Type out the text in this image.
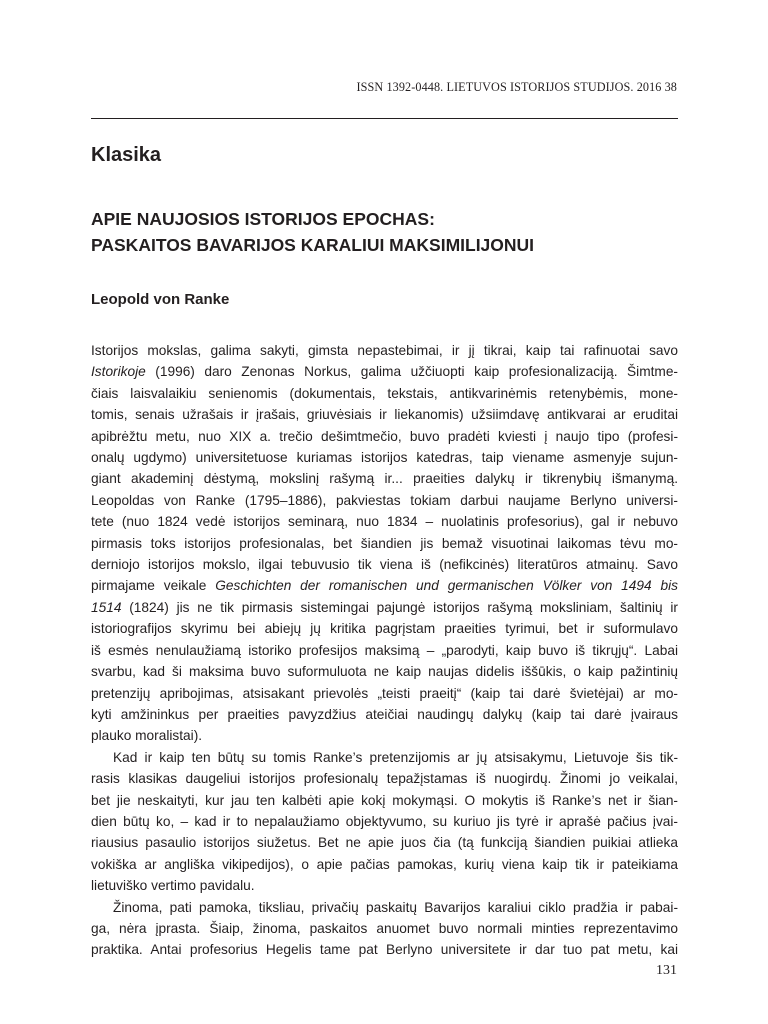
ISSN 1392-0448. LIETUVOS ISTORIJOS STUDIJOS. 2016 38
Klasika
APIE NAUJOSIOS ISTORIJOS EPOCHAS:
PASKAITOS BAVARIJOS KARALIUI MAKSIMILIJONUI
Leopold von Ranke
Istorijos mokslas, galima sakyti, gimsta nepastebimai, ir jį tikrai, kaip tai rafinuotai savo
Istorikoje (1996) daro Zenonas Norkus, galima užčiuopti kaip profesionalizaciją. Šimtme-
čiais laisvalaikiu senienomis (dokumentais, tekstais, antikvarinėmis retenybėmis, mone-
tomis, senais užrašais ir įrašais, griuvėsiais ir liekanomis) užsiimdavę antikvarai ar eruditai
apibrėžtu metu, nuo XIX a. trečio dešimtmečio, buvo pradėti kviesti į naujo tipo (profesi-
onalų ugdymo) universitetuose kuriamas istorijos katedras, taip viename asmenyje sujun-
giant akademinį dėstymą, mokslinį rašymą ir... praeities dalykų ir tikrenybių išmanymą.
Leopoldas von Ranke (1795–1886), pakviestas tokiam darbui naujame Berlyno universi-
tete (nuo 1824 vedė istorijos seminarą, nuo 1834 – nuolatinis profesorius), gal ir nebuvo
pirmasis toks istorijos profesionalas, bet šiandien jis bemaž visuotinai laikomas tėvu mo-
derniojo istorijos mokslo, ilgai tebuvusio tik viena iš (nefikcinės) literatūros atmainų. Savo
pirmajame veikale Geschichten der romanischen und germanischen Völker von 1494 bis
1514 (1824) jis ne tik pirmasis sistemingai pajungė istorijos rašymą moksliniam, šaltinių ir
istoriografijos skyrimu bei abiejų jų kritika pagrįstam praeities tyrimui, bet ir suformulavo
iš esmės nenulaužiamą istoriko profesijos maksimą – „parodyti, kaip buvo iš tikrųjų“. Labai
svarbu, kad ši maksima buvo suformuluota ne kaip naujas didelis iššūkis, o kaip pažintinių
pretenzijų apribojimas, atsisakant prievolės „teisti praeitį“ (kaip tai darė švietėjai) ar mo-
kyti amžininkus per praeities pavyzdžius ateičiai naudingų dalykų (kaip tai darė įvairaus
plauko moralistai).
Kad ir kaip ten būtų su tomis Ranke’s pretenzijomis ar jų atsisakymu, Lietuvoje šis tik-
rasis klasikas daugeliui istorijos profesionalų tepažįstamas iš nuogirdų. Žinomi jo veikalai,
bet jie neskaityti, kur jau ten kalbėti apie kokį mokymąsi. O mokytis iš Ranke’s net ir šian-
dien būtų ko, – kad ir to nepalaužiamo objektyvumo, su kuriuo jis tyrė ir aprašė pačius įvai-
riausius pasaulio istorijos siužetus. Bet ne apie juos čia (tą funkciją šiandien puikiai atlieka
vokiška ar angliška vikipedijos), o apie pačias pamokas, kurių viena kaip tik ir pateikiama
lietuviško vertimo pavidalu.
Žinoma, pati pamoka, tiksliau, privačių paskaitų Bavarijos karaliui ciklo pradžia ir pabai-
ga, nėra įprasta. Šiaip, žinoma, paskaitos anuomet buvo normali minties reprezentavimo
praktika. Antai profesorius Hegelis tame pat Berlyno universitete ir dar tuo pat metu, kai
131
